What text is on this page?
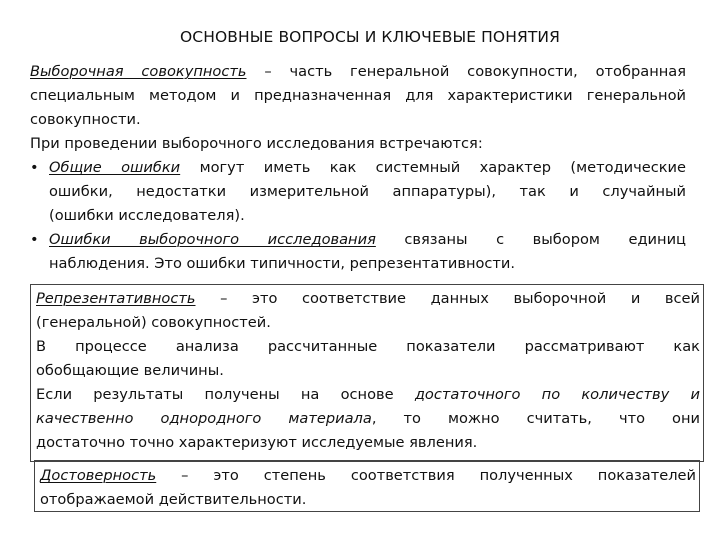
ОСНОВНЫЕ ВОПРОСЫ И КЛЮЧЕВЫЕ ПОНЯТИЯ
Выборочная совокупность – часть генеральной совокупности, отобранная
специальным методом и предназначенная для характеристики генеральной
совокупности.
При проведении выборочного исследования встречаются:
• Общие ошибки могут иметь как системный характер (методические
ошибки, недостатки измерительной аппаратуры), так и случайный
(ошибки исследователя).
• Ошибки выборочного исследования связаны с выбором единиц
наблюдения. Это ошибки типичности, репрезентативности.
Репрезентативность – это соответствие данных выборочной и всей
(генеральной) совокупностей.
В процессе анализа рассчитанные показатели рассматривают как
обобщающие величины.
Если результаты получены на основе достаточного по количеству и
качественно однородного материала, то можно считать, что они
достаточно точно характеризуют исследуемые явления.
Достоверность – это степень соответствия полученных показателей
отображаемой действительности.
